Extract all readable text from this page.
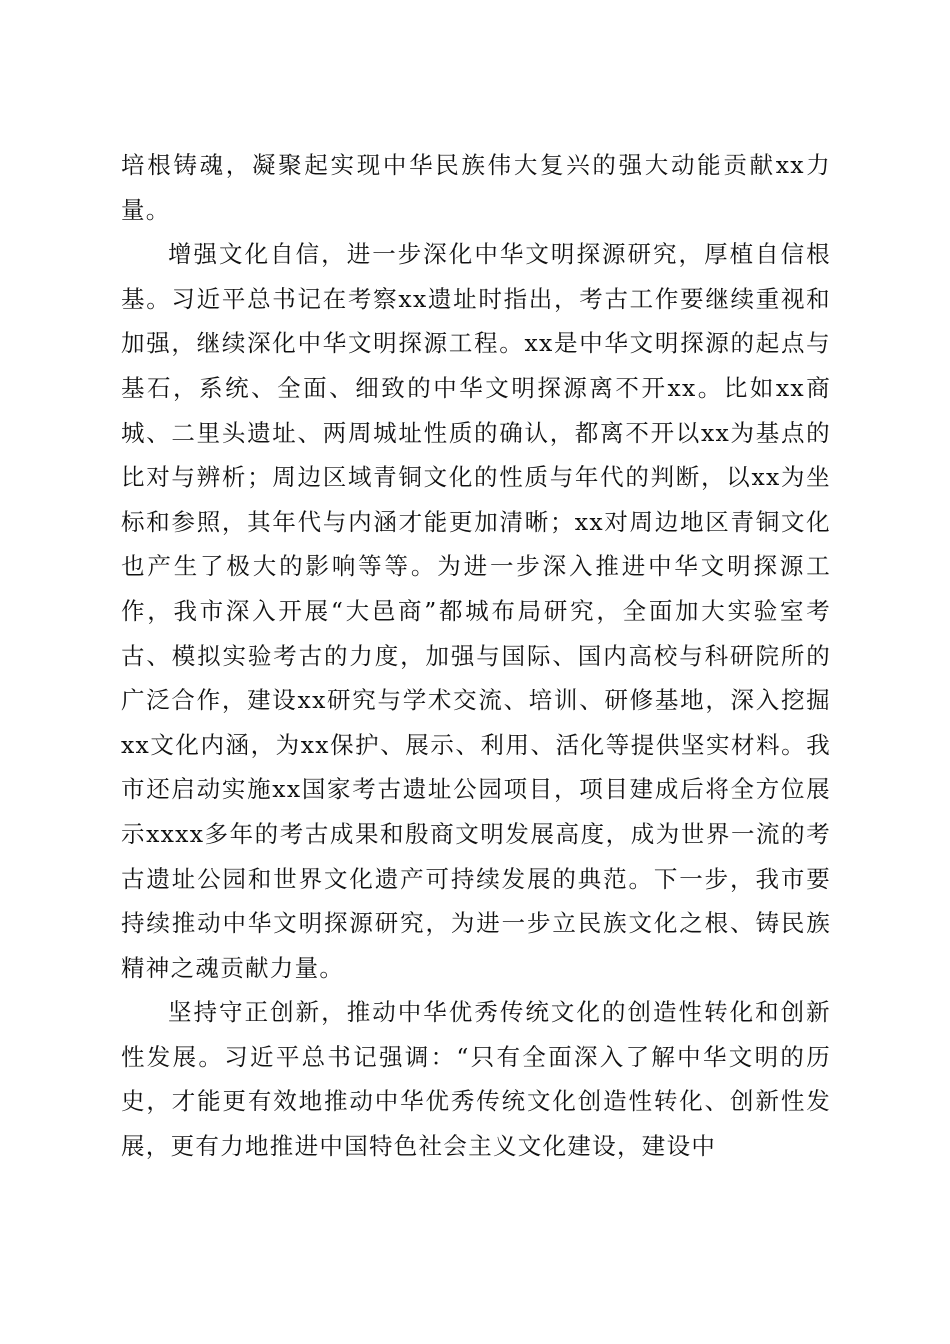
培根铸魂，凝聚起实现中华民族伟大复兴的强大动能贡献xx力量。

增强文化自信，进一步深化中华文明探源研究，厚植自信根基。习近平总书记在考察xx遗址时指出，考古工作要继续重视和加强，继续深化中华文明探源工程。xx是中华文明探源的起点与基石，系统、全面、细致的中华文明探源离不开xx。比如xx商城、二里头遗址、两周城址性质的确认，都离不开以xx为基点的比对与辨析；周边区域青铜文化的性质与年代的判断，以xx为坐标和参照，其年代与内涵才能更加清晰；xx对周边地区青铜文化也产生了极大的影响等等。为进一步深入推进中华文明探源工作，我市深入开展“大邑商”都城布局研究，全面加大实验室考古、模拟实验考古的力度，加强与国际、国内高校与科研院所的广泛合作，建设xx研究与学术交流、培训、研修基地，深入挖掘xx文化内涵，为xx保护、展示、利用、活化等提供坚实材料。我市还启动实施xx国家考古遗址公园项目，项目建成后将全方位展示xxxx多年的考古成果和殷商文明发展高度，成为世界一流的考古遗址公园和世界文化遗产可持续发展的典范。下一步，我市要持续推动中华文明探源研究，为进一步立民族文化之根、铸民族精神之魂贡献力量。

坚持守正创新，推动中华优秀传统文化的创造性转化和创新性发展。习近平总书记强调：“只有全面深入了解中华文明的历史，才能更有效地推动中华优秀传统文化创造性转化、创新性发展，更有力地推进中国特色社会主义文化建设，建设中
